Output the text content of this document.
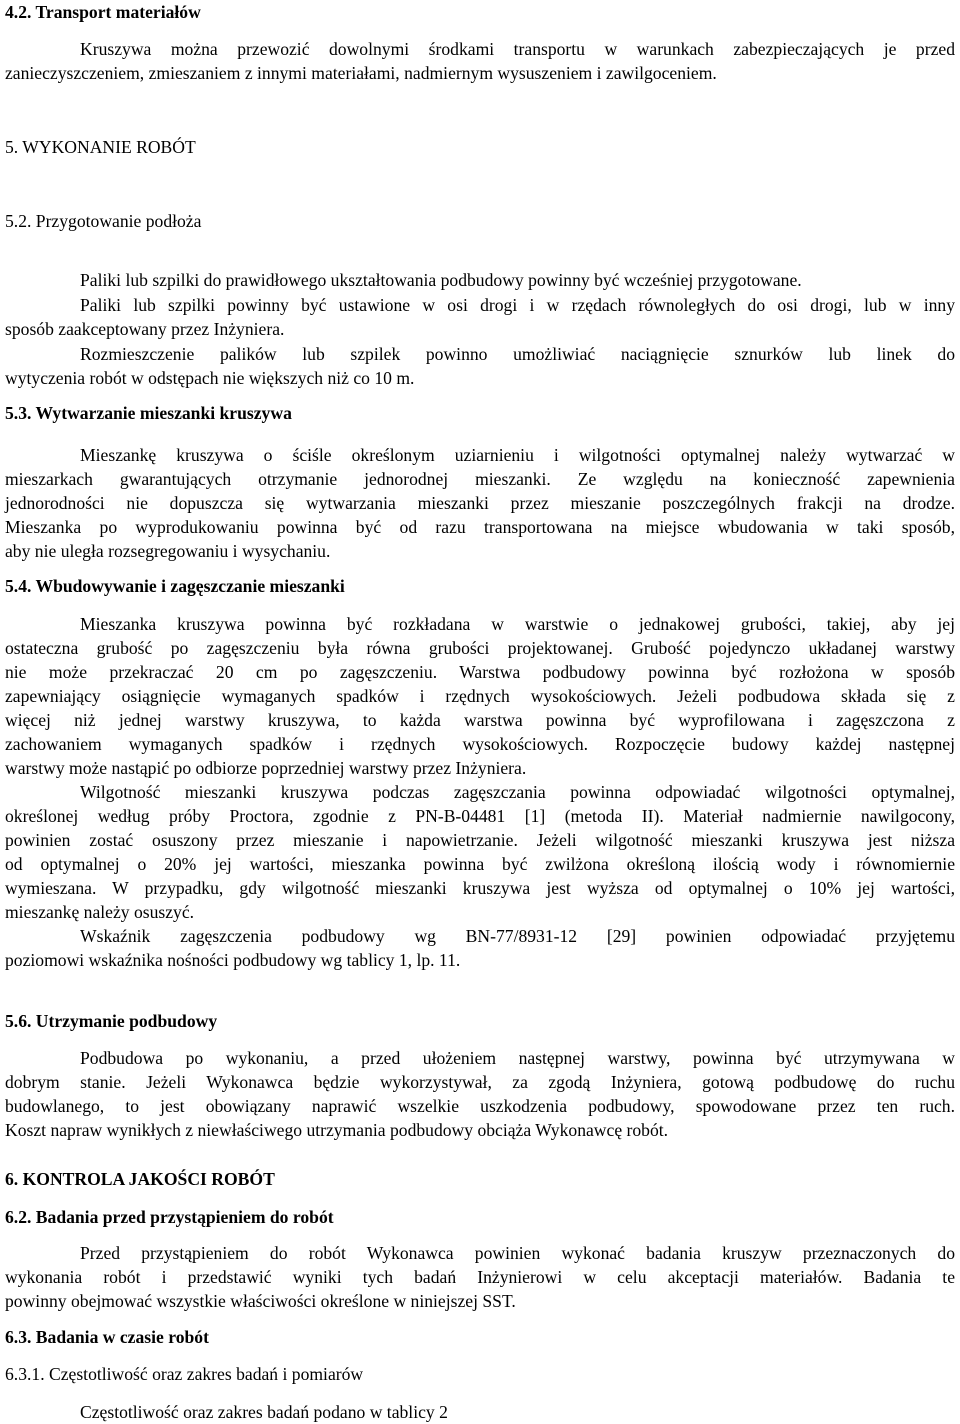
4.2. Transport materiałów
Kruszywa można przewozić dowolnymi środkami transportu w warunkach zabezpieczających je przed
zanieczyszczeniem, zmieszaniem z innymi materiałami, nadmiernym wysuszeniem i zawilgoceniem.
5. WYKONANIE ROBÓT
5.2. Przygotowanie podłoża
Paliki lub szpilki do prawidłowego ukształtowania podbudowy powinny być wcześniej przygotowane.
Paliki lub szpilki powinny być ustawione w osi drogi i w rzędach równoległych do osi drogi, lub w inny
sposób zaakceptowany przez Inżyniera.
Rozmieszczenie palików lub szpilek powinno umożliwiać naciągnięcie sznurków lub linek do
wytyczenia robót w odstępach nie większych niż co 10 m.
5.3. Wytwarzanie mieszanki kruszywa
Mieszankę kruszywa o ściśle określonym uziarnieniu i wilgotności optymalnej należy wytwarzać w
mieszarkach gwarantujących otrzymanie jednorodnej mieszanki. Ze względu na konieczność zapewnienia
jednorodności nie dopuszcza się wytwarzania mieszanki przez mieszanie poszczególnych frakcji na drodze.
Mieszanka po wyprodukowaniu powinna być od razu transportowana na miejsce wbudowania w taki sposób,
aby nie uległa rozsegregowaniu i wysychaniu.
5.4. Wbudowywanie i zagęszczanie mieszanki
Mieszanka kruszywa powinna być rozkładana w warstwie o jednakowej grubości, takiej, aby jej
ostateczna grubość po zagęszczeniu była równa grubości projektowanej. Grubość pojedynczo układanej warstwy
nie może przekraczać 20 cm po zagęszczeniu. Warstwa podbudowy powinna być rozłożona w sposób
zapewniający osiągnięcie wymaganych spadków i rzędnych wysokościowych. Jeżeli podbudowa składa się z
więcej niż jednej warstwy kruszywa, to każda warstwa powinna być wyprofilowana i zagęszczona z
zachowaniem wymaganych spadków i rzędnych wysokościowych. Rozpoczęcie budowy każdej następnej
warstwy może nastąpić po odbiorze poprzedniej warstwy przez Inżyniera.
Wilgotność mieszanki kruszywa podczas zagęszczania powinna odpowiadać wilgotności optymalnej,
określonej według próby Proctora, zgodnie z PN-B-04481 [1] (metoda II). Materiał nadmiernie nawilgocony,
powinien zostać osuszony przez mieszanie i napowietrzanie. Jeżeli wilgotność mieszanki kruszywa jest niższa
od optymalnej o 20% jej wartości, mieszanka powinna być zwilżona określoną ilością wody i równomiernie
wymieszana. W przypadku, gdy wilgotność mieszanki kruszywa jest wyższa od optymalnej o 10% jej wartości,
mieszankę należy osuszyć.
Wskaźnik zagęszczenia podbudowy wg BN-77/8931-12 [29] powinien odpowiadać przyjętemu
poziomowi wskaźnika nośności podbudowy wg tablicy 1, lp. 11.
5.6. Utrzymanie podbudowy
Podbudowa po wykonaniu, a przed ułożeniem następnej warstwy, powinna być utrzymywana w
dobrym stanie. Jeżeli Wykonawca będzie wykorzystywał, za zgodą Inżyniera, gotową podbudowę do ruchu
budowlanego, to jest obowiązany naprawić wszelkie uszkodzenia podbudowy, spowodowane przez ten ruch.
Koszt napraw wynikłych z niewłaściwego utrzymania podbudowy obciąża Wykonawcę robót.
6. KONTROLA JAKOŚCI ROBÓT
6.2. Badania przed przystąpieniem do robót
Przed przystąpieniem do robót Wykonawca powinien wykonać badania kruszyw przeznaczonych do
wykonania robót i przedstawić wyniki tych badań Inżynierowi w celu akceptacji materiałów. Badania te
powinny obejmować wszystkie właściwości określone w niniejszej SST.
6.3. Badania w czasie robót
6.3.1. Częstotliwość oraz zakres badań i pomiarów
Częstotliwość oraz zakres badań podano w tablicy 2
